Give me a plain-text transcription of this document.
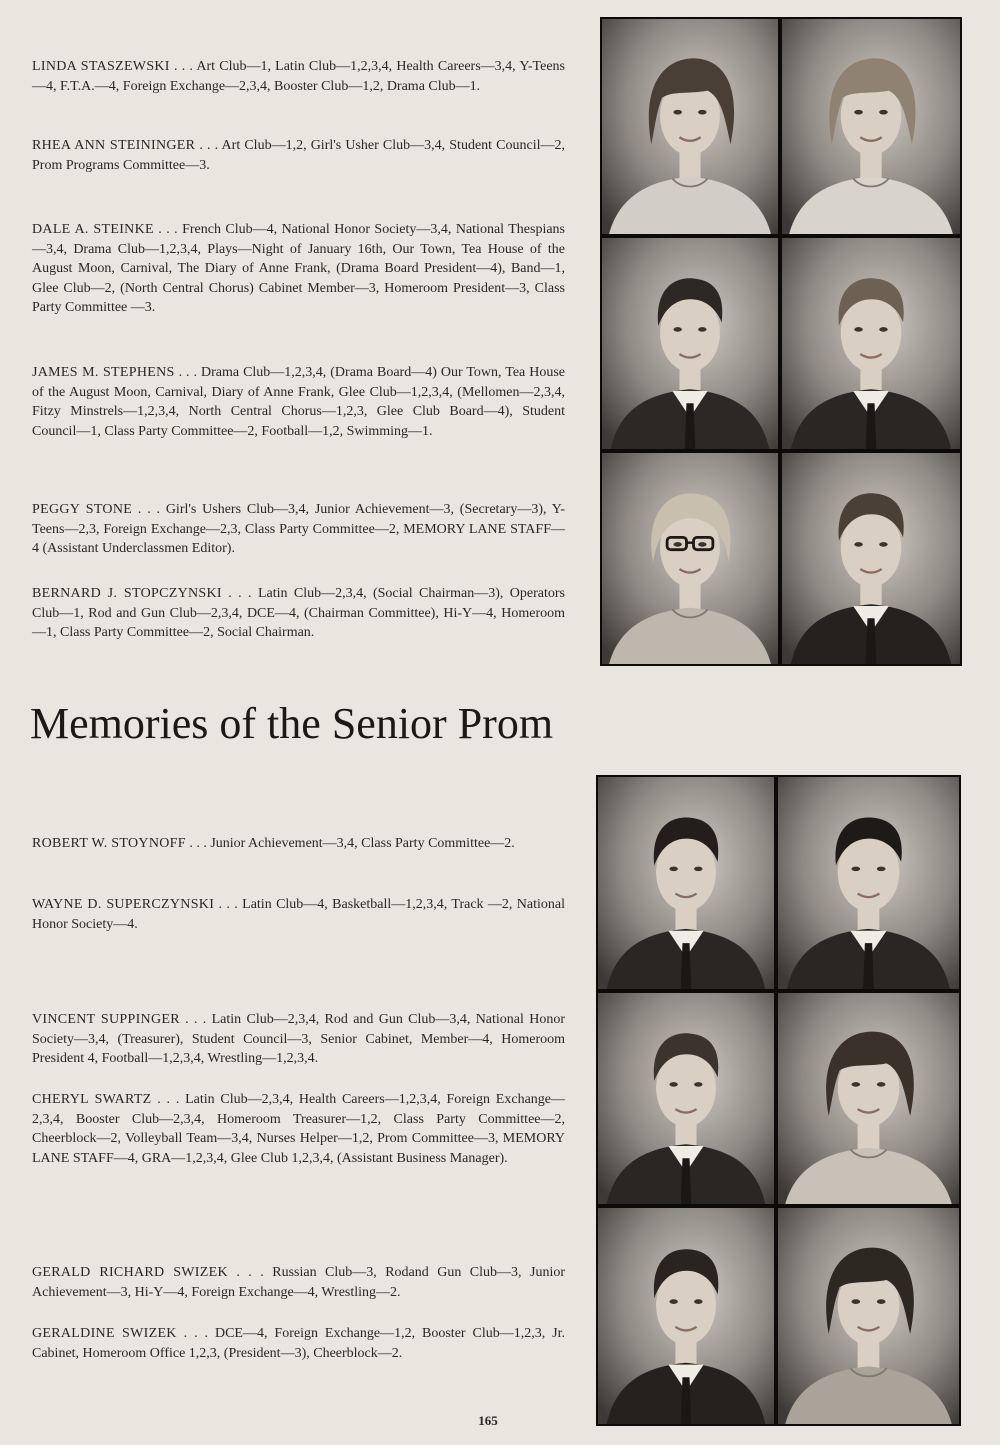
LINDA STASZEWSKI . . . Art Club—1, Latin Club—1,2,3,4, Health Careers—3,4, Y-Teens—4, F.T.A.—4, Foreign Exchange—2,3,4, Booster Club—1,2, Drama Club—1.

RHEA ANN STEININGER . . . Art Club—1,2, Girl's Usher Club—3,4, Student Council—2, Prom Programs Committee—3.

DALE A. STEINKE . . . French Club—4, National Honor Society—3,4, National Thespians—3,4, Drama Club—1,2,3,4, Plays—Night of January 16th, Our Town, Tea House of the August Moon, Carnival, The Diary of Anne Frank, (Drama Board President—4), Band—1, Glee Club—2, (North Central Chorus) Cabinet Member—3, Homeroom President—3, Class Party Committee —3.

JAMES M. STEPHENS . . . Drama Club—1,2,3,4, (Drama Board—4) Our Town, Tea House of the August Moon, Carnival, Diary of Anne Frank, Glee Club—1,2,3,4, (Mellomen—2,3,4, Fitzy Minstrels—1,2,3,4, North Central Chorus—1,2,3, Glee Club Board—4), Student Council—1, Class Party Committee—2, Football—1,2, Swimming—1.

PEGGY STONE . . . Girl's Ushers Club—3,4, Junior Achievement—3, (Secretary—3), Y-Teens—2,3, Foreign Exchange—2,3, Class Party Committee—2, MEMORY LANE STAFF—4 (Assistant Underclassmen Editor).

BERNARD J. STOPCZYNSKI . . . Latin Club—2,3,4, (Social Chairman—3), Operators Club—1, Rod and Gun Club—2,3,4, DCE—4, (Chairman Committee), Hi-Y—4, Homeroom—1, Class Party Committee—2, Social Chairman.

Memories of the Senior Prom

ROBERT W. STOYNOFF . . . Junior Achievement—3,4, Class Party Committee—2.

WAYNE D. SUPERCZYNSKI . . . Latin Club—4, Basketball—1,2,3,4, Track —2, National Honor Society—4.

VINCENT SUPPINGER . . . Latin Club—2,3,4, Rod and Gun Club—3,4, National Honor Society—3,4, (Treasurer), Student Council—3, Senior Cabinet, Member—4, Homeroom President 4, Football—1,2,3,4, Wrestling—1,2,3,4.

CHERYL SWARTZ . . . Latin Club—2,3,4, Health Careers—1,2,3,4, Foreign Exchange—2,3,4, Booster Club—2,3,4, Homeroom Treasurer—1,2, Class Party Committee—2, Cheerblock—2, Volleyball Team—3,4, Nurses Helper—1,2, Prom Committee—3, MEMORY LANE STAFF—4, GRA—1,2,3,4, Glee Club 1,2,3,4, (Assistant Business Manager).

GERALD RICHARD SWIZEK . . . Russian Club—3, Rodand Gun Club—3, Junior Achievement—3, Hi-Y—4, Foreign Exchange—4, Wrestling—2.

GERALDINE SWIZEK . . . DCE—4, Foreign Exchange—1,2, Booster Club—1,2,3, Jr. Cabinet, Homeroom Office 1,2,3, (President—3), Cheerblock—2.

165
